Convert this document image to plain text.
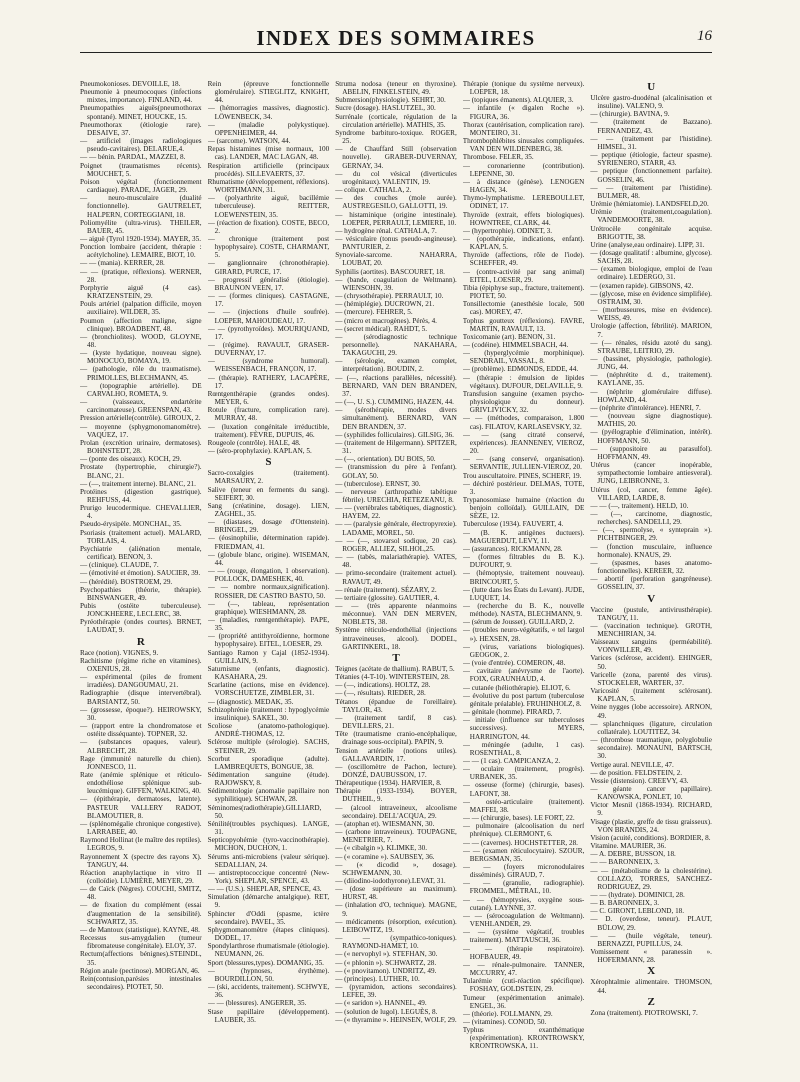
INDEX DES SOMMAIRES	16

Pneumokonioses. DEVOILLE, 18.

Pneumonie à pneumocoques (infections mixtes, importance). FINLAND, 44.

Pneumopathies aiguës(pneumothorax spontané). MINET, HOUCKE, 15.

Pneumothorax (étiologie rare). DESAIVE, 37.

— artificiel (images radiologiques pseudo-cavitaires). DELARUE,4.

— — bénin. PARDAL, MAZZEI, 8.

Poignet (traumatismes récents). MOUCHET, 5.

Poison végétal (fonctionnement cardiaque). PARADE, JAGER, 29.

— neuro-musculaire (dualité fonctionnelle). GAUTRELET, HALPERN, CORTEGGIANI, 18.

Poliomyélite (ultra-virus). THEILER, BAUER, 45.

— aiguë (Tyrol 1920-1934). MAYER, 35.

Ponction lombaire (accident, thérapie : acétylcholine). LEMAIRE, BIOT, 10.

— — (mania). KERRER, 28.

— — (pratique, réflexions). WERNER, 28.

Porphyrie aiguë (4 cas). KRATZENSTEIN, 29.

Pouls artériel (palpation difficile, moyen auxiliaire). WILDER, 35.

Poumon (affection maligne, signe clinique). BROADBENT, 48.

— (bronchiolites). WOOD, GLOYNE, 48.

— (kyste hydatique, nouveau signe). MONOCUO, BOMAYA, 19.

— (pathologie, rôle du traumatisme). PRIMOLLES, BLECHMANN, 45.

— (topographie artérielle). DE CARVALHO, ROMETA, 9.

— (vaisseaux, endartérite carcinomateuse). GREENSPAN, 43.

Pression artérielle(contrôle). GIROUX, 2.

— moyenne (sphygmonomanomètre). VAQUEZ, 17.

Prolan (excrétion urinaire, dermatoses). BOHNSTEDT, 28.

— (ponte des oiseaux). KOCH, 29.

Prostate (hypertrophie, chirurgie?). BLANC, 21.

— (—, traitement interne). BLANC, 21.

Protéines (digestion gastrique). REHFUSS, 44.

Prurigo leucodermique. CHEVALLIER, 4.

Pseudo-érysipèle. MONCHAL, 35.

Psoriasis (traitement actuel). MALARD, TORLAIS, 4.

Psychiatrie (aliénation mentale, certificat). BENON, 3.

— (clinique). CLAUDE, 7.

— (émotivité et émotion). SAUCIER, 39.

— (hérédité). BOSTROEM, 29.

Psychopathies (théorie, thérapie). BINSWANGER, 49.

Pubis (ostéite tuberculeuse). JONCKHEERE, LECLERC, 38.

Pyréothérapie (ondes courtes). BRNET, LAUDAT, 9.

R

Race (notion). VIGNES, 9.

Rachitisme (régime riche en vitamines). OXENIUS, 28.

— expérimental (piles de froment irradiées). DANGOUMAU, 21.

Radiographie (disque intervertébral). BARSIANTZ, 50.

— (grossesse, époque?). HEIROWSKY, 30.

— (rapport entre la chondromatose et ostéite disséquante). TOPNER, 32.

— (substances opaques, valeur). ALBRECHT, 28.

Rage (immunité naturelle du chien). JONNESCO, 11.

Rate (anémie splénique et réticulo-endothéliose splénique sub-leucémique). GIFFEN, WALKING, 40.

— (épithérapie, dermatoses, latente). PASTEUR VALLERY RADOT, BLAMOUTIER, 8.

— (splénomégalie chronique congestive). LARRABEE, 40.

Raymond Hollinat (le maître des reptiles). LEGROS, 9.

Rayonnement X (spectre des rayons X). TANGUY, 44.

Réaction anaphylactique in vitro II (colloïdie). LUMIÈRE, MEYER, 29.

— de Caïck (Nègres). COUCHI, SMITZ, 48.

— de fixation du complément (essai d'augmentation de la sensibilité). SCHWARTZ, 35.

— de Mantoux (statistique). KAYNE, 48.

Recessus sus-amygdalien (tumeur fibromateuse congénitale). ELOY, 37.

Rectum(affections bénignes).STEINDL, 35.

Région anale (pectinose). MORGAN, 46.

Rein(contusion,parésies intestinales secondaires). PIOTET, 50.

Rein (épreuve fonctionnelle glomérulaire). STIEGLITZ, KNIGHT, 44.

— (hémorragies massives, diagnostic). LÖWENBECK, 34.

— (maladie polykystique). OPPENHEIMER, 44.

— (sarcome). WATSON, 44.

Repas histamines (mise normaux, 100 cas). LANDER, MAC LAGAN, 48.

Respiration artificielle (principaux procédés). SILLEVAERTS, 37.

Rhumatisme (développement, réflexions). WORTHMANN, 31.

— (polyarthrite aiguë, bacillémie tuberculeuse). REITTER, LOEWENSTEIN, 35.

— (réaction de fixation). COSTE, BECO, 2.

— chronique (traitement post hypophysaire). COSTE, CHARMANT, 5.

— ganglionnaire (chronothérapie). GIRARD, PURCE, 17.

— progressif généralisé (étiologie). BRAUNON VEEN, 17.

— — (formes cliniques). CASTAGNE, 17.

— — (injections d'huile soufrée). LOEPER, MAHOUDEAU, 17.

— — (pyrothyroïdes). MOURIQUAND, 17.

— (régime). RAVAULT, GRASER-DUVERNAY, 17.

— (syndrome humoral). WEISSENBACH, FRANÇON, 17.

— (thérapie). RATHERY, LACAPÈRE, 17.

Rœntgenthérapie (grandes ondes). MEYER, 6.

Rotule (fracture, complication rare). MURRAY, 48.

— (luxation congénitale irréductible, traitement). FÈVRE, DUPUIS, 46.

Rougeole (contrôle). HALE, 48.

— (séro-prophylaxie). KAPLAN, 5.

S

Sacro-coxalgies (traitement). MARSAURY, 2.

Salive (teneur en ferments du sang). SEIFERT, 30.

Sang (créatinine, dosage). LIEN, ZAGHEL, 35.

— (diastases, dosage d'Ottenstein). BRINGEL, 29.

— (éosinophilie, détermination rapide). FRIEDMAN, 41.

— (globule blanc, origine). WISEMAN, 44.

— — (rouge, élongation, 1 observation). POLLOCK, DAMESHEK, 40.

— — nombre normaux,signification). ROSSIER, DE CASTRO BASTO, 50.

— (—, tableau, représentation graphique). WIESHMANN, 28.

— (maladies, rœntgenthérapie). PAPE, 35.

— (propriété antithyroïdienne, hormone hypophysaire). EITEL, LOESER, 29.

Santiago Ramon y Cajal (1852-1934). GUILLAIN, 9.

Saturnisme (enfants, diagnostic). KASAHARA, 29.

Scarlatine (actions, mise en évidence). VORSCHUETZE, ZIMBLER, 31.

— (diagnostic). MEDAK, 35.

Schizophrénie (traitement : hypoglycémie insulinique). SAKEL, 30.

Scoliose (anatomo-pathologique). ANDRÉ-THOMAS, 12.

Sclérose multiple (sérologie). SACHS, STEINER, 29.

Scorbut sporadique (adulte). LAMBREQUETS, BONGUE, 38.

Sédimentation sanguine (étude). RAJOWSKY, 8.

Sédimentologie (anomalie papillaire non syphilitique). SCHWAN, 28.

Séminomes(radiothérapie).GILLIARD, 50.

Sénilité(troubles psychiques). LANGE, 31.

Septicopyohémie (tyro-vaccinothérapie). MICHON, DUCHON, 1.

Sérums anti-microbiens (valeur sérique). SEDALLIAN, 24.

— antistreptococcique concentré (New-York). SHEPLAR, SPENCE, 43.

— — (U.S.). SHEPLAR, SPENCE, 43.

Simulation (démarche antalgique). RET, 9.

Sphincter d'Oddi (spasme, ictère secondaire). PAVEL, 35.

Sphygmomanomètre (étapes cliniques). DODEL, 17.

Spondylarthrose rhumatismale (étiologie). NEUMANN, 26.

Sport (blessures,types). DOMANIG, 35.

— (hypnoses, érythème). BOURDILLON, 50.

— (ski, accidents, traitement). SCHWYE, 36.

— — (blessures). ANGERER, 35.

Stase papillaire (développement). LAUBER, 35.

Struma nodosa (teneur en thyroxine). ABELIN, FINKELSTEIN, 49.

Submersion(physiologie). SEHRT, 30.

Sucre (dosage). HASLUTZEL, 30.

Surrénale (corticale, régulation de la circulation artérielle). MATHIS, 35.

Syndrome barbituro-toxique. ROGER, 25.

— de Chauffard Still (observation nouvelle). GRABER-DUVERNAY, GERNAY, 34.

— du col vésical (diverticules urogénitaux). VALENTIN, 19.

— colique. CATHALA, 2.

— des couches (mole aurée). AUSTREGESILO, GALLOTTI, 19.

— histaminique (origine intestinale). LOEPER, PERRAULT, LEMIERE, 10.

— hydrogène rénal. CATHALA, 7.

— vésiculaire (tonus pseudo-angineuse). PANTURIER, 2.

Synoviale-sarcome. NAHARRA, LOUBAT, 20.

Syphilis (aortites). BASCOURET, 18.

— (bande, coagulation de Weltmann). WIENSOHN, 39.

— (chrysothérapie). PERRAULT, 10.

— (hémiplégie). DUCROWN, 21.

— (mercure). FEHRER, 5.

— (micro et macrogènes). Pérès, 4.

— (secret médical). RAHDT, 5.

— (sérodiagnostic technique personnelle). NAKAHARA, TAKAGUCHI, 29.

— (sérologie, examen complet, interprétation). BOUDIN, 2.

— (—, réactions parallèles, nécessité). BERNARD, VAN DEN BRANDEN, 37.

— (—, U. S.). CUMMING, HAZEN, 44.

— (sérothérapie, modes divers simultanément). BERNARD, VAN DEN BRANDEN, 37.

— (syphilides folliculaires). GILSIG, 36.

— (traitement de Hilgermann). SPITZER, 31.

— (—, orientation). DU BOIS, 50.

— (transmission du père à l'enfant). GOLAY, 50.

— (tuberculose). ERNST, 30.

— nerveuse (arthropathie tabétique fébrile). URECHIA, RETEZEANU, 8.

— — (vertèbrales tabétiques, diagnostic). HAYEM, 22.

— — (paralysie générale, électropyrexie). LADAME, MOREL, 50.

— — (—, stovarsol sodique, 20 cas). ROGER, ALLIEZ, SILHOL,25.

— — (tabès, malariathérapie). VATES, 48.

— primo-secondaire (traitement actuel). RAVAUT, 49.

— rénale (traitement). SÉZARY, 2.

— tertiaire (glossite). GAUTIER, 4.

— — (très apparente néanmoins méconnue). VAN DEN MERVEN, NOBLETS, 38.

Système réticulo-endothélial (injections intraveineuses, alcool). DODEL, GARTINKERL, 18.

T

Teignes (acétate de thallium). RABUT, 5.

Tétanies (4-T-10). WINTERSTEIN, 28.

— (—, indications). HOLTZ, 28.

— (—, résultats). RIEDER, 28.

Tétanos (épandue de l'oreillaire). TAYLOR, 43.

— (traitement tardif, 8 cas). DEVILLERS, 21.

Tête (traumatisme cranio-encéphalique, drainage sous-occipital). PAPIN, 9.

Tension artérielle (notions utiles). GALLAVARDIN, 17.

— (oscillomètre de Pachon, lecture). DONZÉ, DAUBUSSON, 17.

Thérapeutique (1934). HARVIER, 8.

Thérapie (1933-1934). BOYER, DUTHEIL, 9.

— (alcool intraveineux, alcoolisme secondaire). DELL'ACQUA, 29.

— (atophan et). WIESMANN, 30.

— (carbone intraveineux). TOUPAGNE, MENETRIER, 7.

— (« cibalgin »). KLIMKE, 30.

— (« coramine »). SAUBSEY, 36.

— (« dicodid », dosage). SCHWEMANN, 30.

— (diiodino-iodothyrone).LEVAT, 31.

— (dose supérieure au maximum). HURST, 48.

— (inhalation d'O, technique). MAGNE, 9.

— médicaments (résorption, exécution). LEIBOWITZ, 19.

— — (sympathico-toniques). RAYMOND-HAMET, 10.

— (« nervophyl »). STEFHAN, 30.

— (« phlonin »). SCHWARTZ, 28.

— (« pnovitamon). UNDRITZ, 49.

— (principes). LUTHER, 10.

— (pyramidon, actions secondaires). LEFEE, 39.

— (« saridon »). HANNEL, 49.

— (solution de lugol). LEGUÈS, 8.

— (« thyramine ». HEINSEN, WOLF, 29.

Thérapie (tonique du système nerveux). LOEPER, 18.

— (topiques émanents). ALQUIER, 3.

— infantile (« digalen Roche »). FIGURA, 36.

Thorax (cautérisation, complication rare). MONTEIRO, 31.

Thrombophlébites sinusales compliquées. VAN DEN WILDENBERG, 38.

Thrombose. FELER, 35.

— coronarienne (contribution). LEPENNE, 30.

— à distance (génèse). LENOGEN HAGEN, 34.

Thymo-lymphatisme. LEREBOULLET, ODINET, 17.

Thyroïde (extrait, effets biologiques). HOWNTREE, CLARK, 44.

— (hypertrophie). ODINET, 3.

— (opothérapie, indications, enfant). KAPLAN, 5.

Thyroïde (affections, rôle de l'iode). SCHEFFER, 49.

— (contre-activité par sang animal) EITEL, LOESER, 29.

Tibia (épiphyse sup., fracture, traitement). PIOTET, 50.

Tonsillectomie (anesthésie locale, 500 cas). MOREY, 47.

Tophus goutteux (réflexions). FAVRE, MARTIN, RAVAULT, 13.

Toxicomanie (art). BENON, 31.

— (codéine). HIMMELSBACH, 44.

— (hyperglycémie morphinique). SENDRAIL, VASSAL, 8.

— (problème). EDMONDS, EDDE, 44.

— (thérapie : émulsion de lipides végétaux). DUFOUR, DELAVILLE, 9.

Transfusion sanguine (examen psycho-physiologique du donneur). GRIVLIVICKY, 32.

— — (méthodes, comparaison, 1.800 cas). FILATOV, KARLASEVSKY, 32.

— — (sang citraté conservé, expériences). JEANNENEY, VIEROZ, 20.

— — (sang conservé, organisation). SERVANTIE, JULLIEN-VIEROZ, 20.

Trou auscultatoire. PINES, SCHERF, 19.

— déchiré postérieur. DELMAS, TOTE, 3.

Trypanosomiase humaine (réaction du benjoin colloïdal). GUILLAIN, DE SÈZE, 12.

Tuberculose (1934). FAUVERT, 4.

— (B. K. antigènes ductuers). MAGUERDUT, LEVY, 11.

— (assurances). RICKMANN, 28.

— (formes filtrables du B. K.). DUFOURT, 9.

— (hémoptysie, traitement nouveau). BRINCOURT, 5.

— (lutte dans les États du Levant). JUDE, LUQUET, 14.

— (recherche du B. K., nouvelle méthode). NASTA, BLECHMANN, 9.

— (sérum de Jousset). GUILLARD, 2.

— (troubles neuro-végétatifs, « tel largol »). HEXSEN, 28.

— (virus, variations biologiques). GEOGOK, 2.

— (voie d'entrée). COMERON, 48.

— cavitaire (anévrysme de l'aorte). FOIX, GRAUNHAUD, 4.

— cutanée (héliothérapie). ELIOT, 6.

— évolutive du post partum (tuberculose génitale préalable). FRUHINHOLZ, 8.

— génitale (homme). PIRARD, 7.

— initiale (influence sur tuberculoses successives). MYERS, HARRINGTON, 44.

— méningée (adulte, 1 cas). ROSENTHAL, 8.

— — (1 cas). CAMPICANZA, 2.

— oculaire (traitement, progrès). URBANEK, 35.

— osseuse (forme) (chirurgie, bases). LAFONT, 38.

— ostéo-articulaire (traitement). MAFFEI, 38.

— — (chirurgie, bases). LE FORT, 22.

— pulmonaire (alcoolisation du nerf phrénique). CLERMONT, 6.

— — (cavernes). HOCHSTETTER, 28.

— — (examen réticulocytaire). SZOUR, BERGSMAN, 35.

— — (foyers micronodulaires disséminés). GIRAUD, 7.

— — (granulie, radiographie). FROMMEL, MÉTRAL, 10.

— — (hémoptysies, oxygène sous-cutané). LAYNNE, 37.

— — (sérocoagulation de Weltmann). VENHLANDER, 29.

— — (système végétatif, troubles traitement). MATTAUSCH, 36.

— — (thérapie respiratoire). HOFBAUER, 49.

— — rénale-pulmonaire. TANNER, MCCURRY, 47.

Tularémie (cuti-réaction spécifique). FOSHAY, GOLDSTEIN, 29.

Tumeur (expérimentation animale). ENGEL, 36.

— (théorie). FOLLMANN, 29.

— (vitamines). CONOD, 50.

Typhus exanthématique (expérimentation). KRONTROWSKY, KRONTROWSKA, 11.

U

Ulcère gastro-duodénal (alcalinisation et insuline). VALENO, 9.

— (chirurgie). BAVINA, 9.

— (traitement de Bazzano). FERNANDEZ, 43.

— — (traitement par l'histidine). HIMSEL, 31.

— peptique (étiologie, facteur spasme). SYRIENERO, STARR, 43.

— peptique (fonctionnement parfaite). GOSSELIN, 46.

— — (traitement par l'histidine). BULMER, 48.

Urémie (hémiatomie). LANDSFELD,20.

Urémie (traitement,coagulation). VANDEMOORTE, 38.

Urétrocèle congénitale acquise. BRIGOTTE, 38.

Urine (analyse,eau ordinaire). LIPP, 31.

— (dosage qualitatif : albumine, glycose). SACHS, 28.

— (examen biologique, emploi de l'eau ordinaire). LEDERGO, 31.

— (examen rapide). GIBSONS, 42.

— (glycose, mise en évidence simplifiée). OSTRAIM, 30.

— (morbusseures, mise en évidence). WEISS, 49.

Urologie (affection, fébrilité). MARION, 7.

— (— rénales, résidu azoté du sang). STRAUBE, LEITRIO, 29.

— (bassinet, physiologie, pathologie). JUNG, 44.

— (néphrétite d. d., traitement). KAYLANE, 35.

— (néphrite glomérulaire diffuse). HOWLAND, 44.

— (néphrite d'intolérance). HENRI, 7.

— (nouveau signe diagnostique). MATHIS, 20.

— (pyélographie d'élimination, intérêt). HOFFMANN, 50.

— (suppositoire au parasulfol). HOFFMANN, 49.

Utérus (cancer inopérable, sympathectomie lombaire antiesveral). JUNG, LEIBRONNE, 3.

Utérus (col, cancer, femme âgée). VILLARD, LARDE, 8.

— — (—, traitement). HELD, 10.

— (—, carcinome, diagnostic, recherches). SANDELLI, 29.

— (—, spermolyse, « synteprain »). PICHTBINGER, 29.

— (fonction musculaire, influence hormonale). KNAUS, 29.

— (spasmes, bases anatomo-fonctionnelles). KEREER, 32.

— abortif (perforation gangréneuse). GOSSELIN, 37.

V

Vaccine (pustule, antivirusthérapie). TANGUY, 11.

— (vaccination technique). GROTH, MENCHIRIAN, 34.

Vaisseaux sanguins (perméabilité). VONWILLER, 49.

Varices (sclérose, accident). EHINGER, 50.

Varicelle (zona, parenté des virus). STOCKELER, WARTER, 37.

Varicosité (traitement sclérosant). KAPLAN, 5.

Veine nygges (lobe accessoire). ARNON, 49.

— splanchniques (ligature, circulation collatérale). LOUTITEZ, 34.

— (thrombose traumatique, polyglobulie secondaire). MONAUNI, BARTSCH, 30.

Vertige aural. NEVILLE, 47.

— de position. FELDSTEIN, 2.

Vessie (distension). CREEVY, 43.

— géante cancer papillaire). KANOWSKA, PONLET, 10.

Victor Mesnil (1868-1934). RICHARD, 9.

Visage (plastie, greffe de tissu graisseux). VON BRANDIS, 24.

Vision (acuité, conditions). BORDIER, 8.

Vitamine. MAURIER, 36.

— A. DEBRE, BUSSON, 18.

— — BARONNEIX, 3.

— — (métabolisme de la cholestérine). COLLAZO, TORRES, SANCHEZ-RODRIGUEZ, 29.

— — (hydrate). DOMINICI, 28.

— B. BARONNEIX, 3.

— C. GIRONT, LEBLOND, 18.

— D. (overdose, teneur). PLAUT, BÜLOW, 29.

— — (huile végétale, teneur). BERNAZZI, PUPILLUS, 24.

Vomissement « paranessin ». HOFERMANN, 28.

X

Xérophtalmie alimentaire. THOMSON, 44.

Z

Zona (traitement). PIOTROWSKI, 7.
